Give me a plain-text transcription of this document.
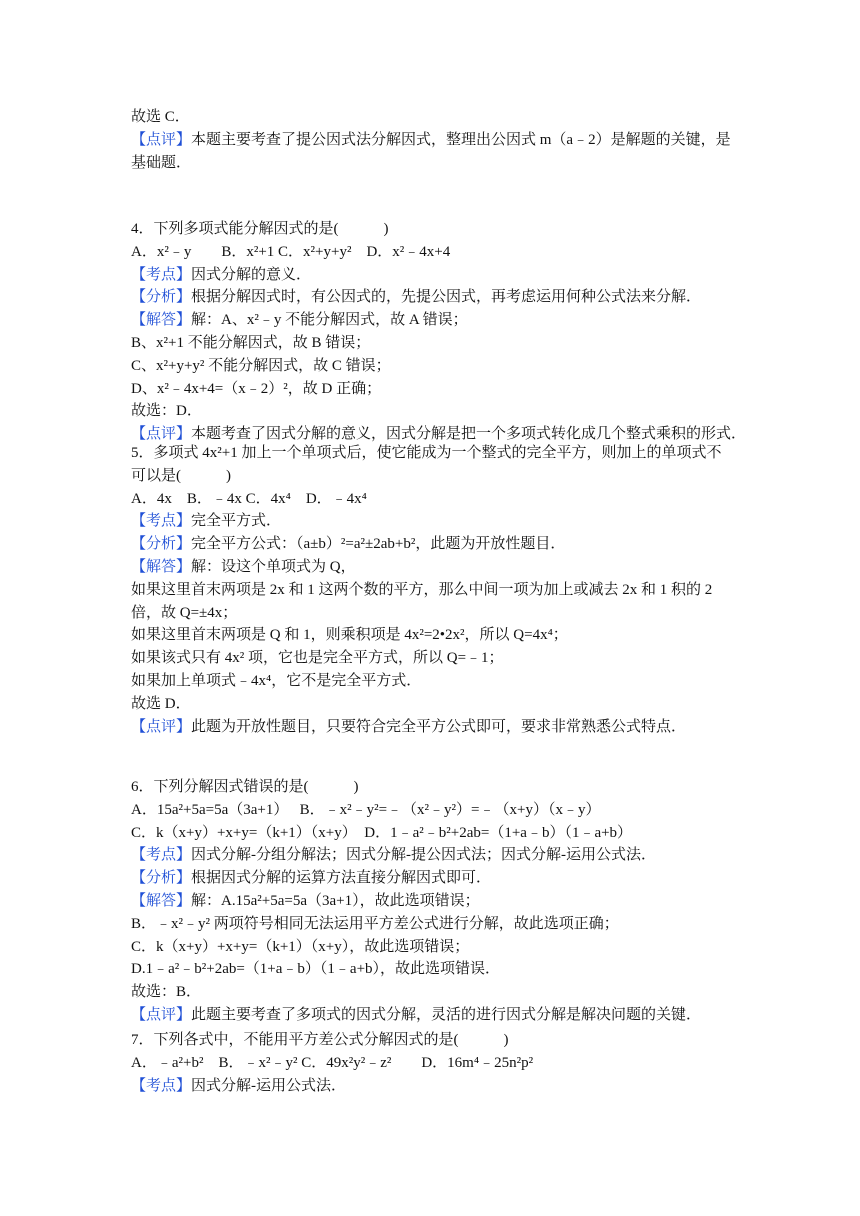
故选 C．
【点评】本题主要考查了提公因式法分解因式，整理出公因式 m（a﹣2）是解题的关键，是
基础题．
4．下列多项式能分解因式的是(　　　)
A．x²﹣y　　B．x²+1 C．x²+y+y²　D．x²﹣4x+4
【考点】因式分解的意义．
【分析】根据分解因式时，有公因式的，先提公因式，再考虑运用何种公式法来分解．
【解答】解：A、x²﹣y 不能分解因式，故 A 错误；
B、x²+1 不能分解因式，故 B 错误；
C、x²+y+y² 不能分解因式，故 C 错误；
D、x²﹣4x+4=（x﹣2）²，故 D 正确；
故选：D．
【点评】本题考查了因式分解的意义，因式分解是把一个多项式转化成几个整式乘积的形式．
5．多项式 4x²+1 加上一个单项式后，使它能成为一个整式的完全平方，则加上的单项式不
可以是(　　　)
A．4x　B．﹣4x C．4x⁴　D．﹣4x⁴
【考点】完全平方式．
【分析】完全平方公式：（a±b）²=a²±2ab+b²，此题为开放性题目．
【解答】解：设这个单项式为 Q，
如果这里首末两项是 2x 和 1 这两个数的平方，那么中间一项为加上或减去 2x 和 1 积的 2
倍，故 Q=±4x；
如果这里首末两项是 Q 和 1，则乘积项是 4x²=2•2x²，所以 Q=4x⁴；
如果该式只有 4x² 项，它也是完全平方式，所以 Q=﹣1；
如果加上单项式﹣4x⁴，它不是完全平方式．
故选 D．
【点评】此题为开放性题目，只要符合完全平方公式即可，要求非常熟悉公式特点．
6．下列分解因式错误的是(　　　)
A．15a²+5a=5a（3a+1）　 B．﹣x²﹣y²=﹣（x²﹣y²）=﹣（x+y）（x﹣y）
C．k（x+y）+x+y=（k+1）（x+y）　D．1﹣a²﹣b²+2ab=（1+a﹣b）（1﹣a+b）
【考点】因式分解-分组分解法；因式分解-提公因式法；因式分解-运用公式法．
【分析】根据因式分解的运算方法直接分解因式即可．
【解答】解：A.15a²+5a=5a（3a+1），故此选项错误；
B．﹣x²﹣y² 两项符号相同无法运用平方差公式进行分解，故此选项正确；
C．k（x+y）+x+y=（k+1）（x+y），故此选项错误；
D.1﹣a²﹣b²+2ab=（1+a﹣b）（1﹣a+b），故此选项错误．
故选：B．
【点评】此题主要考查了多项式的因式分解，灵活的进行因式分解是解决问题的关键．
7．下列各式中，不能用平方差公式分解因式的是(　　　)
A．﹣a²+b²　B．﹣x²﹣y² C．49x²y²﹣z²　　D．16m⁴﹣25n²p²
【考点】因式分解-运用公式法．
